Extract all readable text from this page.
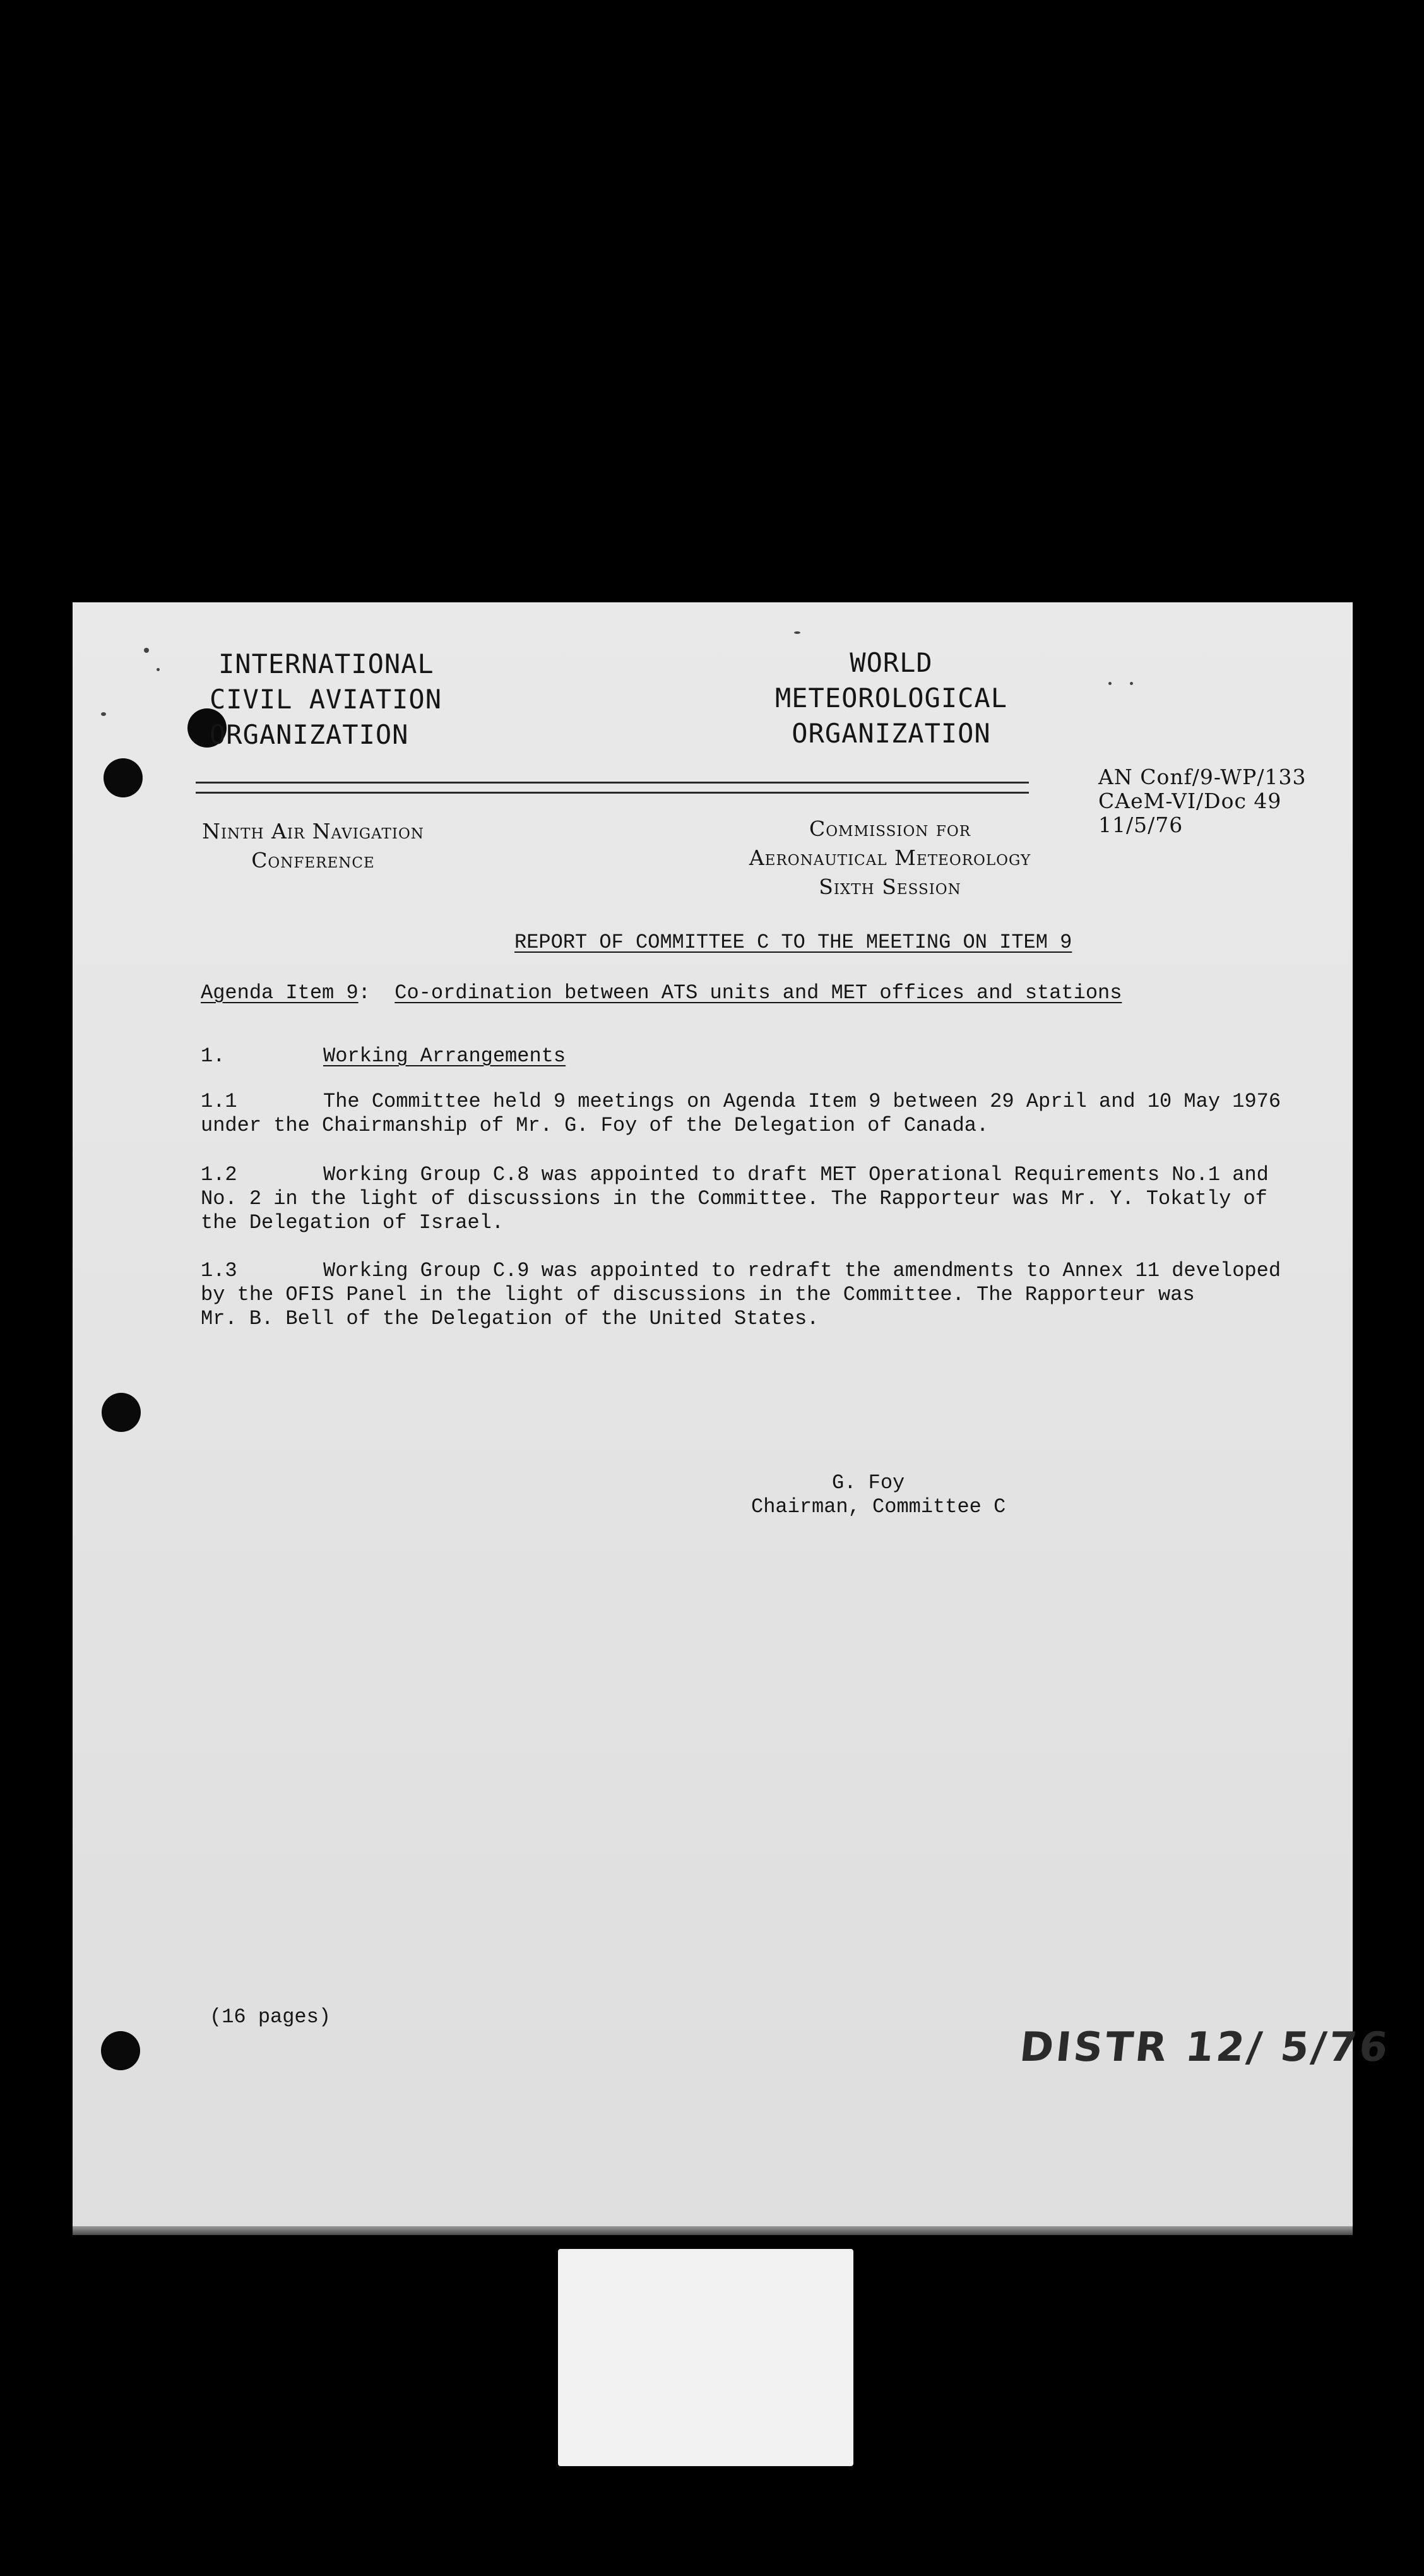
INTERNATIONAL
CIVIL AVIATION
ORGANIZATION
WORLD
METEOROLOGICAL
ORGANIZATION
AN Conf/9-WP/133
CAeM-VI/Doc 49
11/5/76
Ninth Air Navigation
Conference
Commission for
Aeronautical Meteorology
Sixth Session
REPORT OF COMMITTEE C TO THE MEETING ON ITEM 9
Agenda Item 9: Co-ordination between ATS units and MET offices and stations
1.	Working Arrangements
1.1	The Committee held 9 meetings on Agenda Item 9 between 29 April and 10 May 1976
under the Chairmanship of Mr. G. Foy of the Delegation of Canada.
1.2	Working Group C.8 was appointed to draft MET Operational Requirements No.1 and
No. 2 in the light of discussions in the Committee. The Rapporteur was Mr. Y. Tokatly of
the Delegation of Israel.
1.3	Working Group C.9 was appointed to redraft the amendments to Annex 11 developed
by the OFIS Panel in the light of discussions in the Committee. The Rapporteur was
Mr. B. Bell of the Delegation of the United States.
G. Foy
Chairman, Committee C
(16 pages)
DISTR 12/ 5/76
